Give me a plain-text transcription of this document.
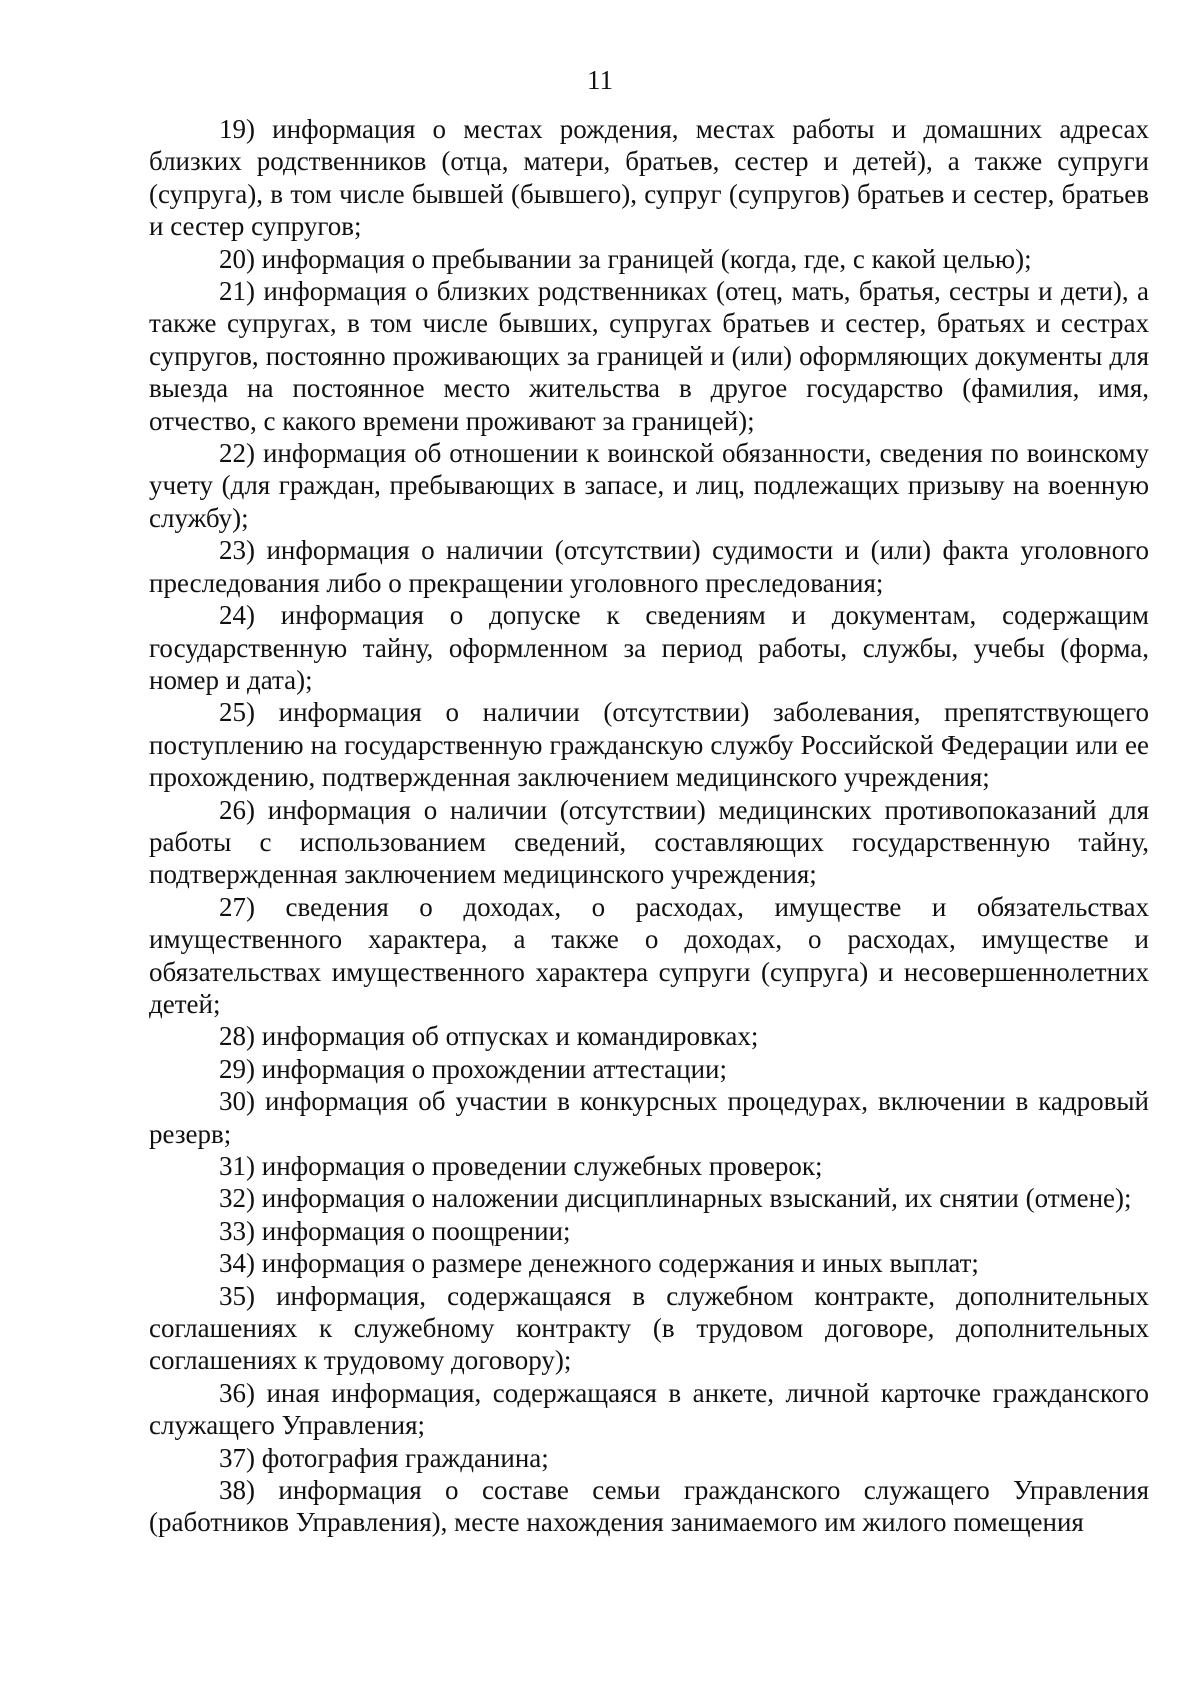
11

19) информация о местах рождения, местах работы и домашних адресах близких родственников (отца, матери, братьев, сестер и детей), а также супруги (супруга), в том числе бывшей (бывшего), супруг (супругов) братьев и сестер, братьев и сестер супругов;

20) информация о пребывании за границей (когда, где, с какой целью);

21) информация о близких родственниках (отец, мать, братья, сестры и дети), а также супругах, в том числе бывших, супругах братьев и сестер, братьях и сестрах супругов, постоянно проживающих за границей и (или) оформляющих документы для выезда на постоянное место жительства в другое государство (фамилия, имя, отчество, с какого времени проживают за границей);

22) информация об отношении к воинской обязанности, сведения по воинскому учету (для граждан, пребывающих в запасе, и лиц, подлежащих призыву на военную службу);

23) информация о наличии (отсутствии) судимости и (или) факта уголовного преследования либо о прекращении уголовного преследования;

24) информация о допуске к сведениям и документам, содержащим государственную тайну, оформленном за период работы, службы, учебы (форма, номер и дата);

25) информация о наличии (отсутствии) заболевания, препятствующего поступлению на государственную гражданскую службу Российской Федерации или ее прохождению, подтвержденная заключением медицинского учреждения;

26) информация о наличии (отсутствии) медицинских противопоказаний для работы с использованием сведений, составляющих государственную тайну, подтвержденная заключением медицинского учреждения;

27) сведения о доходах, о расходах, имуществе и обязательствах имущественного характера, а также о доходах, о расходах, имуществе и обязательствах имущественного характера супруги (супруга) и несовершеннолетних детей;

28) информация об отпусках и командировках;

29) информация о прохождении аттестации;

30) информация об участии в конкурсных процедурах, включении в кадровый резерв;

31) информация о проведении служебных проверок;

32) информация о наложении дисциплинарных взысканий, их снятии (отмене);

33) информация о поощрении;

34) информация о размере денежного содержания и иных выплат;

35) информация, содержащаяся в служебном контракте, дополнительных соглашениях к служебному контракту (в трудовом договоре, дополнительных соглашениях к трудовому договору);

36) иная информация, содержащаяся в анкете, личной карточке гражданского служащего Управления;

37) фотография гражданина;

38) информация о составе семьи гражданского служащего Управления (работников Управления), месте нахождения занимаемого им жилого помещения
